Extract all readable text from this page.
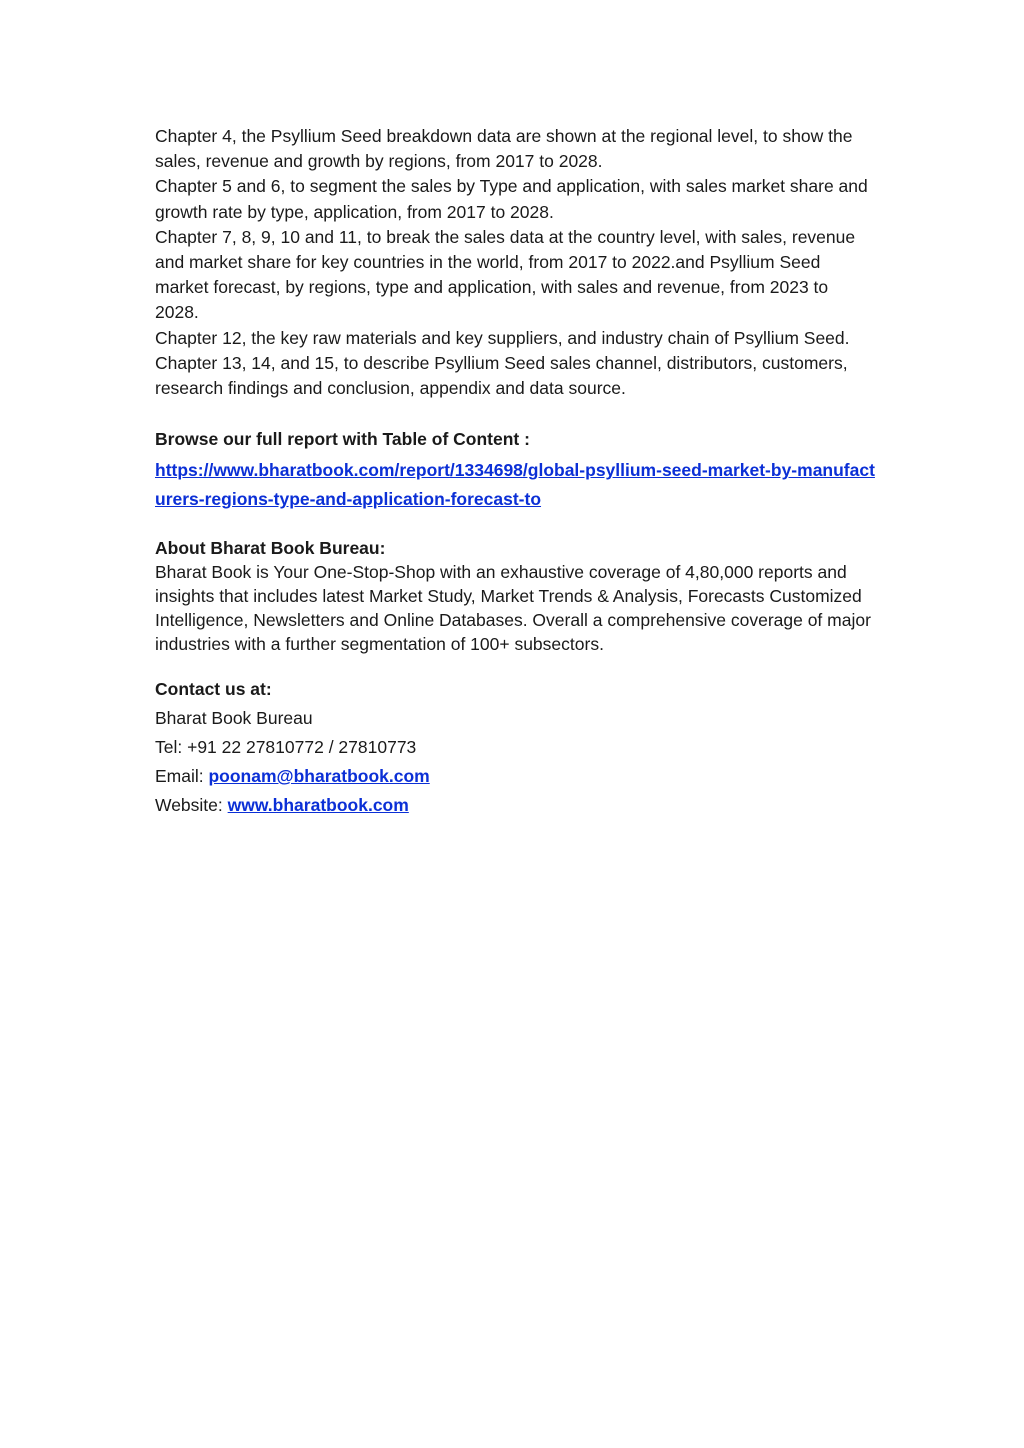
Chapter 4, the Psyllium Seed breakdown data are shown at the regional level, to show the sales, revenue and growth by regions, from 2017 to 2028.

Chapter 5 and 6, to segment the sales by Type and application, with sales market share and growth rate by type, application, from 2017 to 2028.

Chapter 7, 8, 9, 10 and 11, to break the sales data at the country level, with sales, revenue and market share for key countries in the world, from 2017 to 2022.and Psyllium Seed market forecast, by regions, type and application, with sales and revenue, from 2023 to 2028.

Chapter 12, the key raw materials and key suppliers, and industry chain of Psyllium Seed.

Chapter 13, 14, and 15, to describe Psyllium Seed sales channel, distributors, customers, research findings and conclusion, appendix and data source.

Browse our full report with Table of Content :

https://www.bharatbook.com/report/1334698/global-psyllium-seed-market-by-manufacturers-regions-type-and-application-forecast-to

About Bharat Book Bureau:

Bharat Book is Your One-Stop-Shop with an exhaustive coverage of 4,80,000 reports and insights that includes latest Market Study, Market Trends & Analysis, Forecasts Customized Intelligence, Newsletters and Online Databases. Overall a comprehensive coverage of major industries with a further segmentation of 100+ subsectors.

Contact us at:

Bharat Book Bureau

Tel: +91 22 27810772 / 27810773

Email: poonam@bharatbook.com

Website: www.bharatbook.com
